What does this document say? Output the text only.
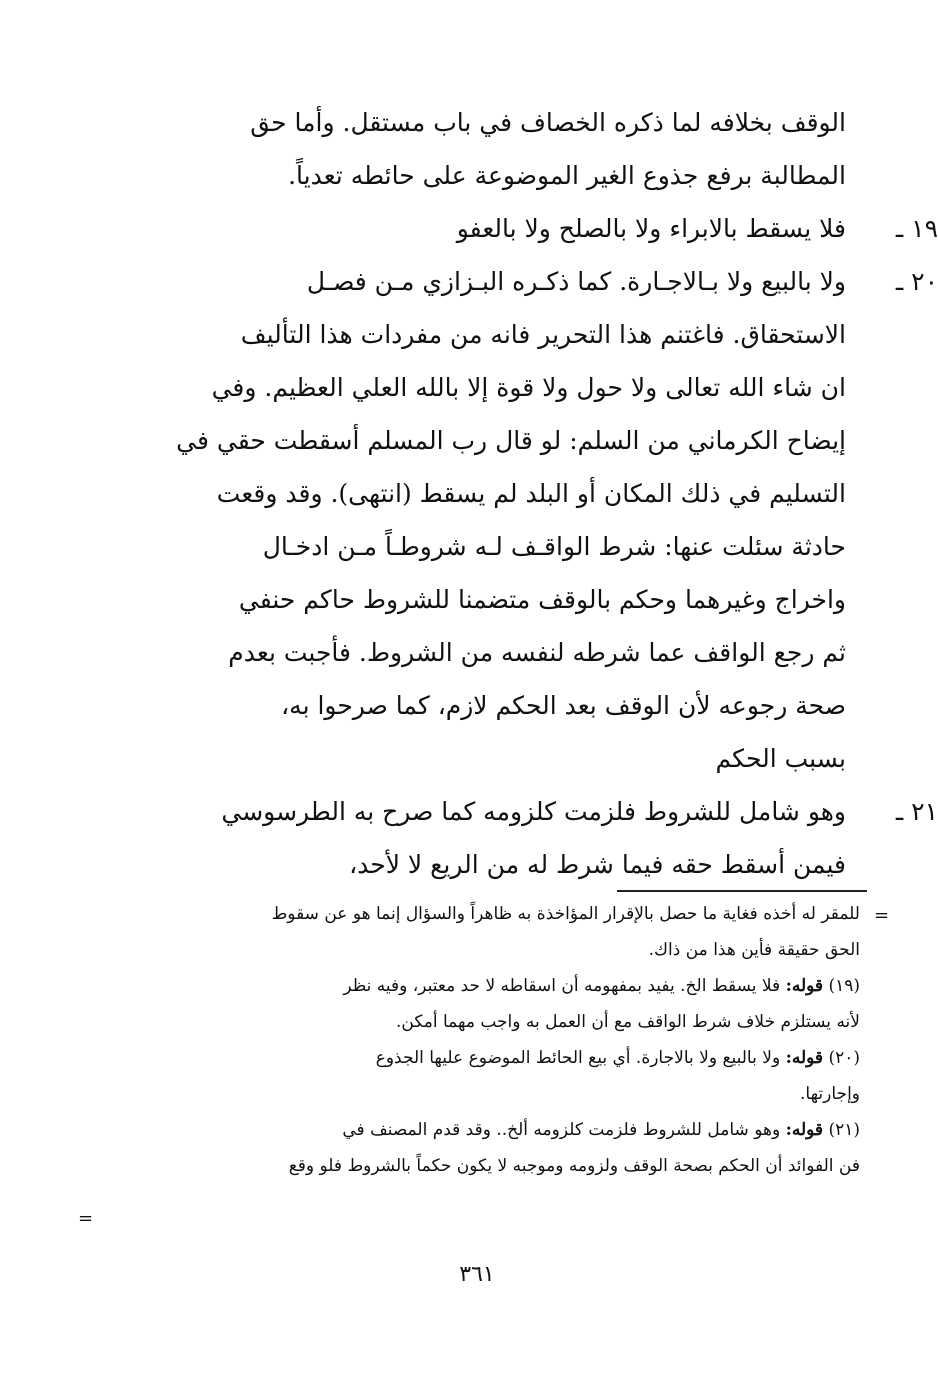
الوقف بخلافه لما ذكره الخصاف في باب مستقل. وأما حق
المطالبة برفع جذوع الغير الموضوعة على حائطه تعدياً.
١٩ ـ
فلا يسقط بالابراء ولا بالصلح ولا بالعفو
٢٠ ـ
ولا بالبيع ولا بـالاجـارة. كما ذكـره البـزازي مـن فصـل
الاستحقاق. فاغتنم هذا التحرير فانه من مفردات هذا التأليف
ان شاء الله تعالى ولا حول ولا قوة إلا بالله العلي العظيم. وفي
إيضاح الكرماني من السلم: لو قال رب المسلم أسقطت حقي في
التسليم في ذلك المكان أو البلد لم يسقط (انتهى). وقد وقعت
حادثة سئلت عنها: شرط الواقـف لـه شروطـاً مـن ادخـال
واخراج وغيرهما وحكم بالوقف متضمنا للشروط حاكم حنفي
ثم رجع الواقف عما شرطه لنفسه من الشروط. فأجبت بعدم
صحة رجوعه لأن الوقف بعد الحكم لازم، كما صرحوا به،
بسبب الحكم
٢١ ـ
وهو شامل للشروط فلزمت كلزومه كما صرح به الطرسوسي
فيمن أسقط حقه فيما شرط له من الريع لا لأحد،
=
للمقر له أخذه فغاية ما حصل بالإقرار المؤاخذة به ظاهراً والسؤال إنما هو عن سقوط
الحق حقيقة فأين هذا من ذاك.
(١٩) قوله: فلا يسقط الخ. يفيد بمفهومه أن اسقاطه لا حد معتبر، وفيه نظر
لأنه يستلزم خلاف شرط الواقف مع أن العمل به واجب مهما أمكن.
(٢٠) قوله: ولا بالبيع ولا بالاجارة. أي بيع الحائط الموضوع عليها الجذوع
وإجارتها.
(٢١) قوله: وهو شامل للشروط فلزمت كلزومه ألخ.. وقد قدم المصنف في
فن الفوائد أن الحكم بصحة الوقف ولزومه وموجبه لا يكون حكماً بالشروط فلو وقع
=
٣٦١
